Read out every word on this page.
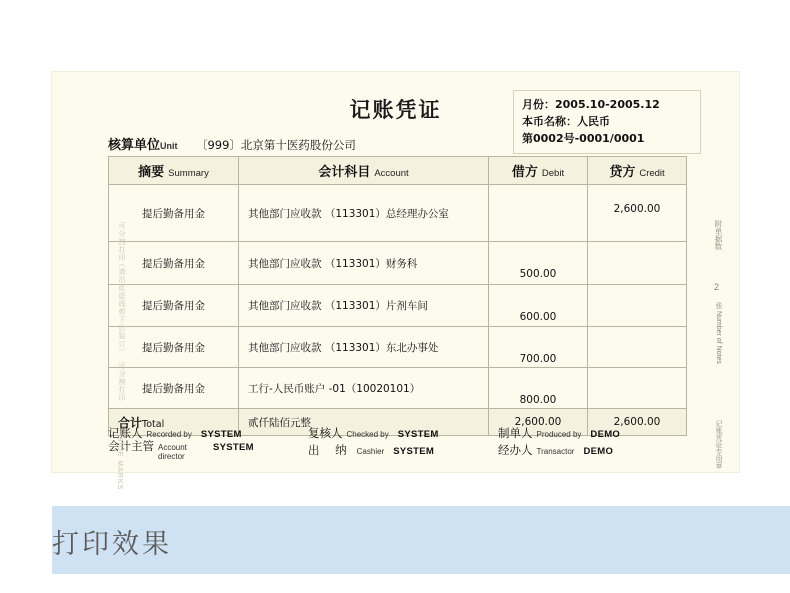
记账凭证	月份：2005.10-2005.12
本币名称：人民币
第0002号-0001/0001
核算单位Unit 〔999〕北京第十医药股份公司
摘要 Summary	会计科目 Account	借方 Debit	贷方 Credit
提后勤备用金	其他部门应收款 （113301）总经理办公室		2,600.00
提后勤备用金	其他部门应收款 （113301）财务科	500.00	
提后勤备用金	其他部门应收款 （113301）片剂车间	600.00	
提后勤备用金	其他部门应收款 （113301）东北办事处	700.00	
提后勤备用金	工行-人民币账户 -01（10020101）	800.00	
合计Total	贰仟陆佰元整	2,600.00	2,600.00
记账人 Recorded by SYSTEM	复核人 Checked by SYSTEM	制单人 Produced by DEMO
会计主管 Account director
SYSTEM	出 纳 Cashier SYSTEM	经办人 Transactor DEMO
可分割打印
（请沿此虚线剪下后装订）
可分割打印
SIDE MARKS
附单据数
2
张 Number of Notes
记账凭证专用章
打印效果
